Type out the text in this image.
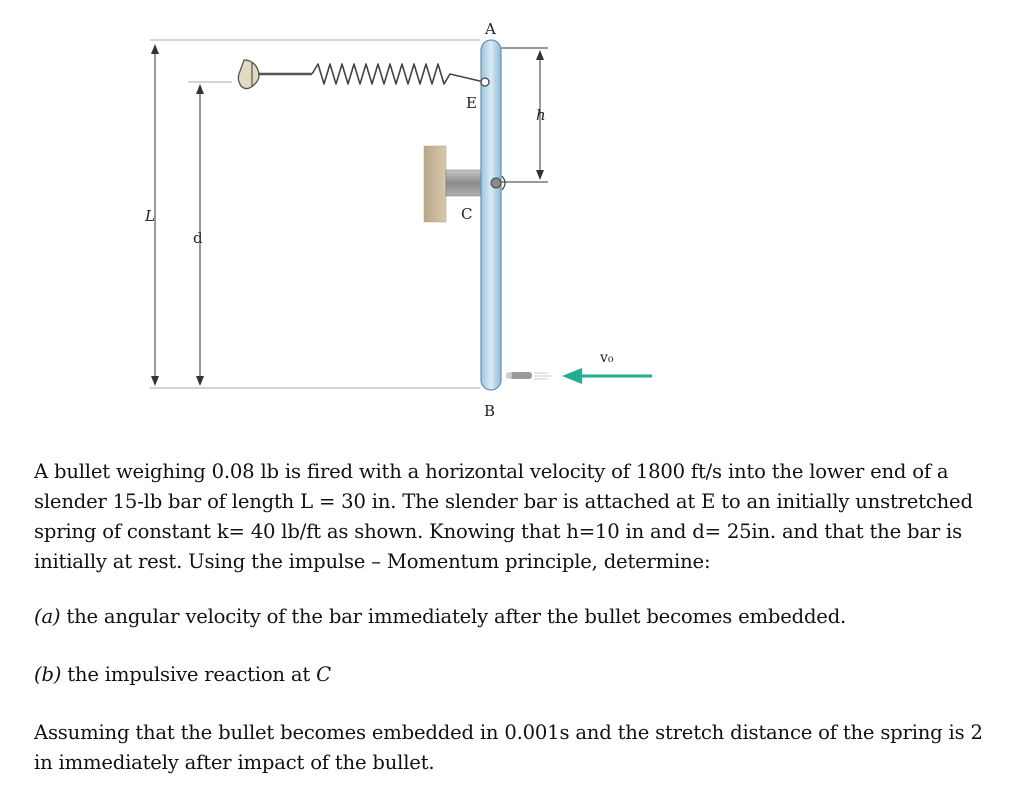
A
E
C
B
L
d
h
v₀
A bullet weighing 0.08 lb is fired with a horizontal velocity of 1800 ft/s into the lower end of a slender 15-lb bar of length L = 30 in. The slender bar is attached at E to an initially unstretched spring of constant k= 40 lb/ft as shown. Knowing that h=10 in and d= 25in. and that the bar is initially at rest. Using the impulse – Momentum principle, determine:
(a) the angular velocity of the bar immediately after the bullet becomes embedded.
(b) the impulsive reaction at C
Assuming that the bullet becomes embedded in 0.001s and the stretch distance of the spring is 2 in immediately after impact of the bullet.
